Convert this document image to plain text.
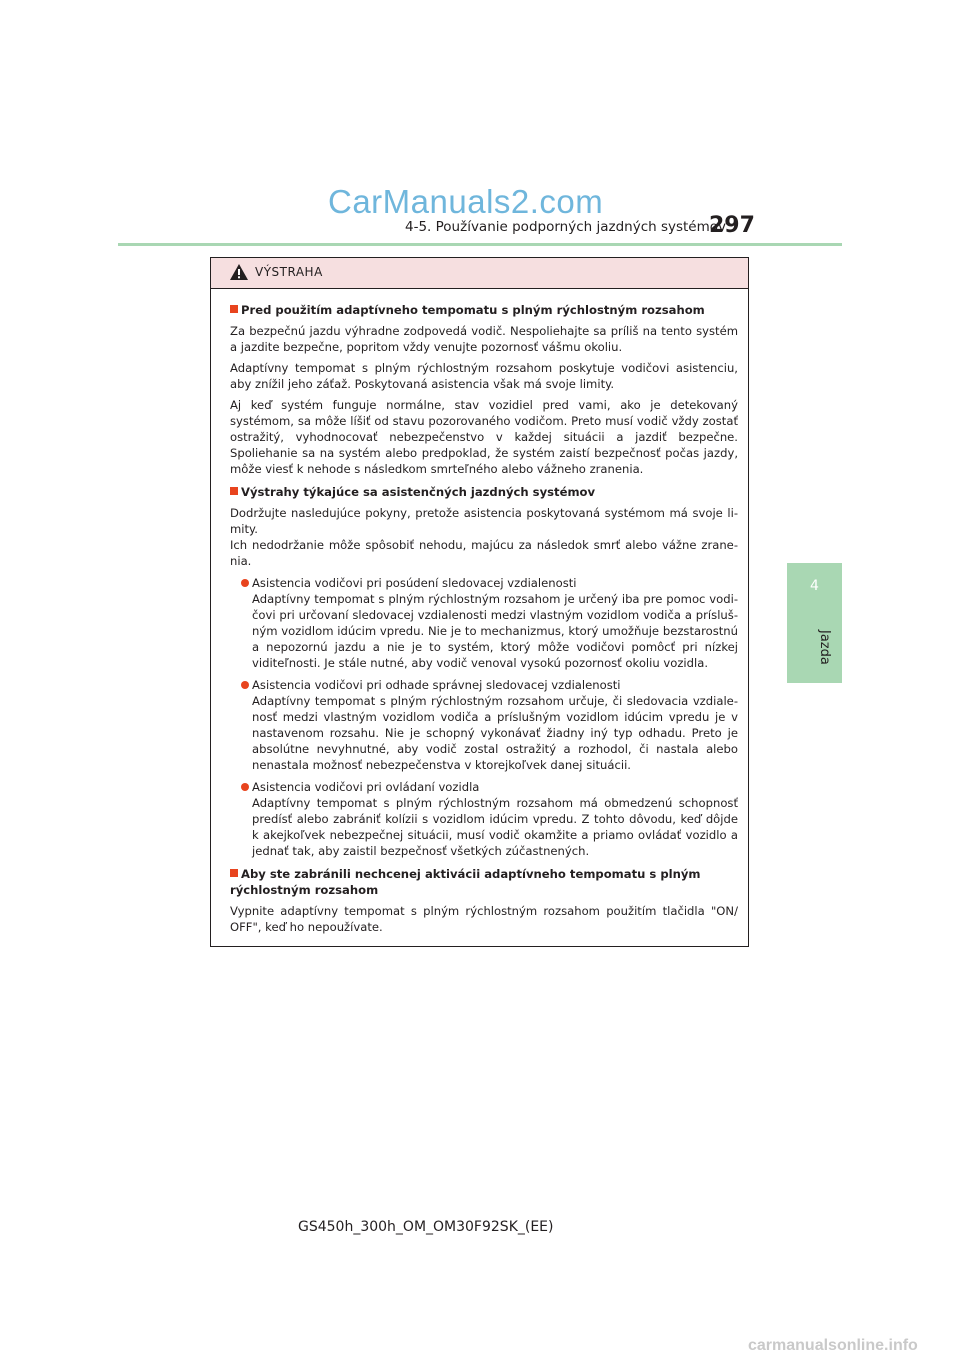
CarManuals2.com
4-5. Používanie podporných jazdných systémov
297
4
Jazda
VÝSTRAHA
Pred použitím adaptívneho tempomatu s plným rýchlostným rozsahom
Za bezpečnú jazdu výhradne zodpovedá vodič. Nespoliehajte sa príliš na tento systém a jazdite bezpečne, popritom vždy venujte pozornosť vášmu okoliu.
Adaptívny tempomat s plným rýchlostným rozsahom poskytuje vodičovi asistenciu, aby znížil jeho záťaž. Poskytovaná asistencia však má svoje limity.
Aj keď systém funguje normálne, stav vozidiel pred vami, ako je detekovaný systémom, sa môže líšiť od stavu pozorovaného vodičom. Preto musí vodič vždy zostať ostražitý, vyhodnocovať nebezpečenstvo v každej situácii a jazdiť bezpečne. Spoliehanie sa na systém alebo predpoklad, že systém zaistí bezpečnosť počas jazdy, môže viesť k nehode s následkom smrteľného alebo vážneho zranenia.
Výstrahy týkajúce sa asistenčných jazdných systémov
Dodržujte nasledujúce pokyny, pretože asistencia poskytovaná systémom má svoje limity.
Ich nedodržanie môže spôsobiť nehodu, majúcu za následok smrť alebo vážne zranenia.
Asistencia vodičovi pri posúdení sledovacej vzdialenosti
Adaptívny tempomat s plným rýchlostným rozsahom je určený iba pre pomoc vodičovi pri určovaní sledovacej vzdialenosti medzi vlastným vozidlom vodiča a príslušným vozidlom idúcim vpredu. Nie je to mechanizmus, ktorý umožňuje bezstarostnú a nepozornú jazdu a nie je to systém, ktorý môže vodičovi pomôcť pri nízkej viditeľnosti. Je stále nutné, aby vodič venoval vysokú pozornosť okoliu vozidla.
Asistencia vodičovi pri odhade správnej sledovacej vzdialenosti
Adaptívny tempomat s plným rýchlostným rozsahom určuje, či sledovacia vzdialenosť medzi vlastným vozidlom vodiča a príslušným vozidlom idúcim vpredu je v nastavenom rozsahu. Nie je schopný vykonávať žiadny iný typ odhadu. Preto je absolútne nevyhnutné, aby vodič zostal ostražitý a rozhodol, či nastala alebo nenastala možnosť nebezpečenstva v ktorejkoľvek danej situácii.
Asistencia vodičovi pri ovládaní vozidla
Adaptívny tempomat s plným rýchlostným rozsahom má obmedzenú schopnosť predísť alebo zabrániť kolízii s vozidlom idúcim vpredu. Z tohto dôvodu, keď dôjde k akejkoľvek nebezpečnej situácii, musí vodič okamžite a priamo ovládať vozidlo a jednať tak, aby zaistil bezpečnosť všetkých zúčastnených.
Aby ste zabránili nechcenej aktivácii adaptívneho tempomatu s plným rýchlostným rozsahom
Vypnite adaptívny tempomat s plným rýchlostným rozsahom použitím tlačidla "ON/ OFF", keď ho nepoužívate.
GS450h_300h_OM_OM30F92SK_(EE)
carmanualsonline.info
